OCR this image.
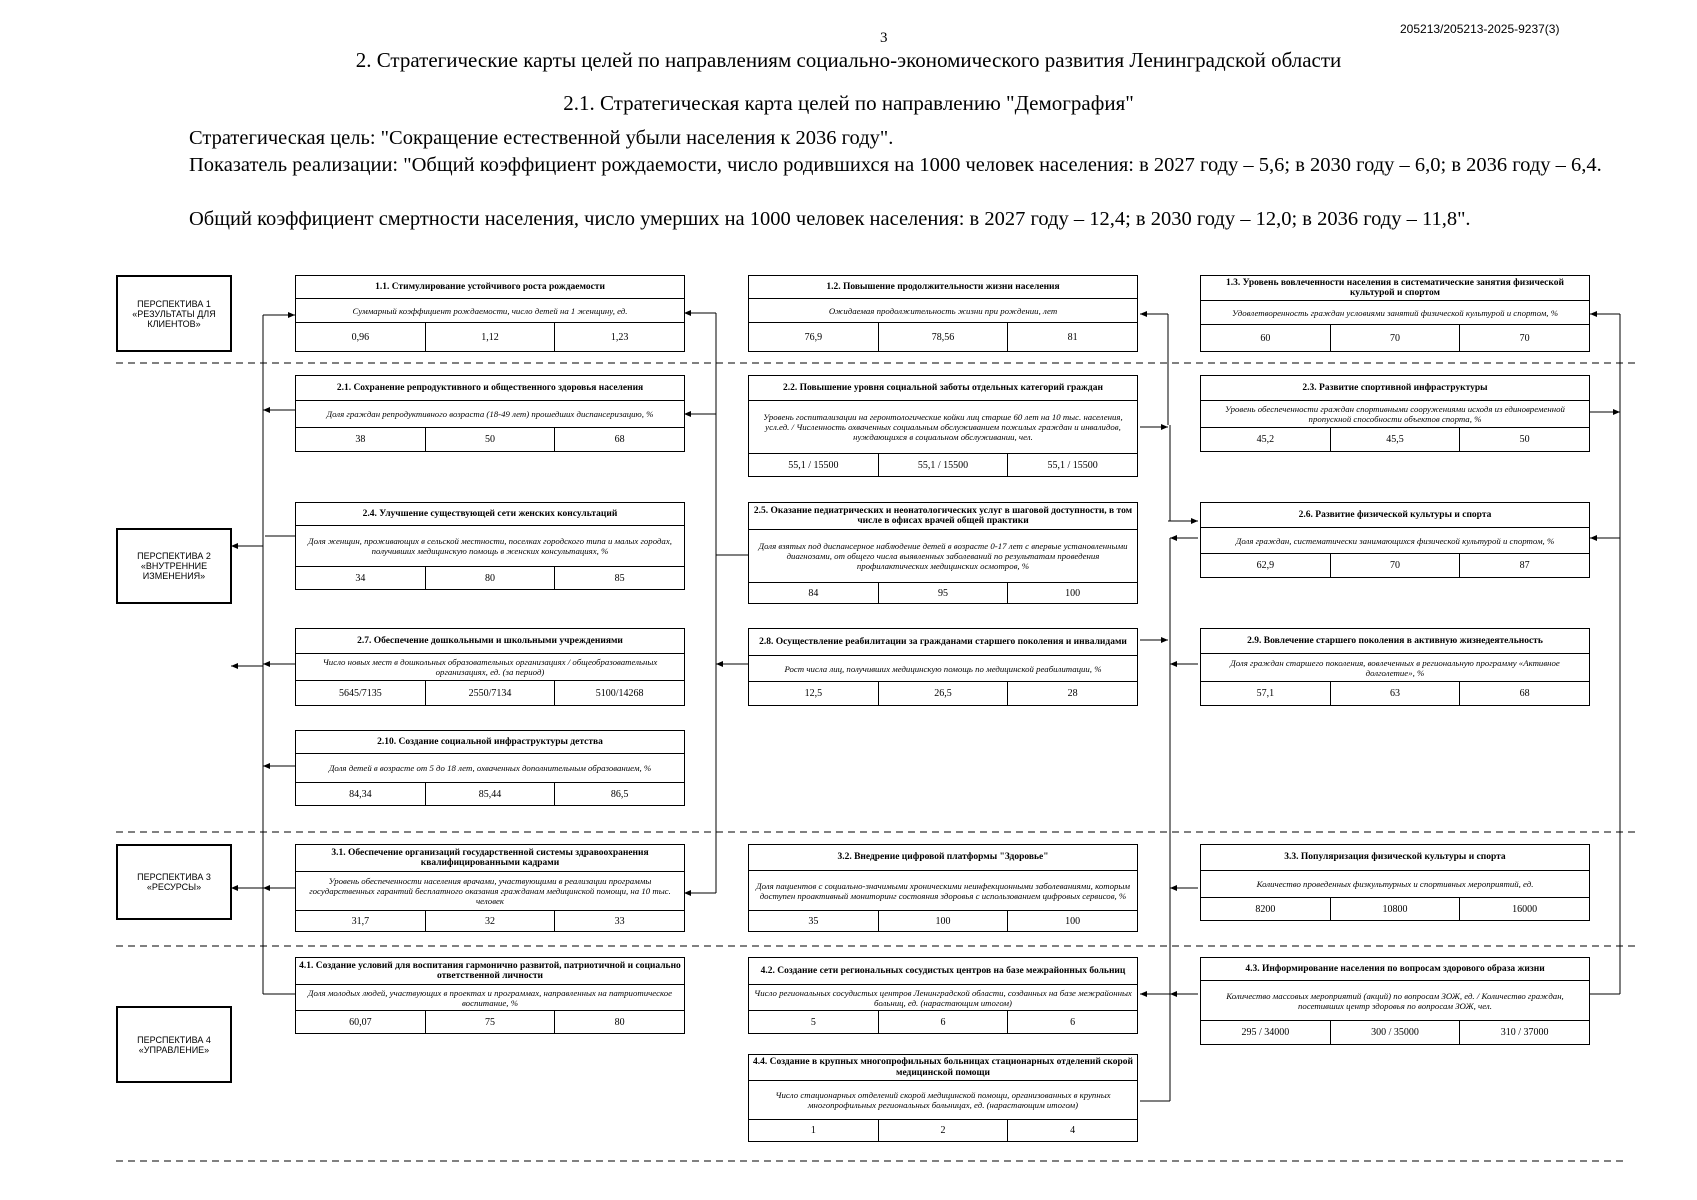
3
205213/205213-2025-9237(3)
2. Стратегические карты целей по направлениям социально-экономического развития Ленинградской области
2.1. Стратегическая карта целей по направлению "Демография"
Стратегическая цель: "Сокращение естественной убыли населения к 2036 году".
Показатель реализации: "Общий коэффициент рождаемости, число родившихся на 1000 человек населения: в 2027 году – 5,6; в 2030 году – 6,0; в 2036 году – 6,4.
Общий коэффициент смертности населения, число умерших на 1000 человек населения: в 2027 году – 12,4; в 2030 году – 12,0; в 2036 году – 11,8".
ПЕРСПЕКТИВА 1 «РЕЗУЛЬТАТЫ ДЛЯ КЛИЕНТОВ»
ПЕРСПЕКТИВА 2 «ВНУТРЕННИЕ ИЗМЕНЕНИЯ»
ПЕРСПЕКТИВА 3 «РЕСУРСЫ»
ПЕРСПЕКТИВА 4 «УПРАВЛЕНИЕ»
1.1. Стимулирование устойчивого роста рождаемости
Суммарный коэффициент рождаемости, число детей на 1 женщину, ед.
0,96	1,12	1,23
1.2. Повышение продолжительности жизни населения
Ожидаемая продолжительность жизни при рождении, лет
76,9	78,56	81
1.3. Уровень вовлеченности населения в систематические занятия физической культурой и спортом
Удовлетворенность граждан условиями занятий физической культурой и спортом, %
60	70	70
2.1. Сохранение репродуктивного и общественного здоровья населения
Доля граждан репродуктивного возраста (18-49 лет) прошедших диспансеризацию, %
38	50	68
2.2. Повышение уровня социальной заботы отдельных категорий граждан
Уровень госпитализации на геронтологические койки лиц старше 60 лет на 10 тыс. населения, усл.ед. / Численность охваченных социальным обслуживанием пожилых граждан и инвалидов, нуждающихся в социальном обслуживании, чел.
55,1 / 15500	55,1 / 15500	55,1 / 15500
2.3. Развитие спортивной инфраструктуры
Уровень обеспеченности граждан спортивными сооружениями исходя из единовременной пропускной способности объектов спорта, %
45,2	45,5	50
2.4. Улучшение существующей сети женских консультаций
Доля женщин, проживающих в сельской местности, поселках городского типа и малых городах, получивших медицинскую помощь в женских консультациях, %
34	80	85
2.5. Оказание педиатрических и неонатологических услуг в шаговой доступности, в том числе в офисах врачей общей практики
Доля взятых под диспансерное наблюдение детей в возрасте 0-17 лет с впервые установленными диагнозами, от общего числа выявленных заболеваний по результатам проведения профилактических медицинских осмотров, %
84	95	100
2.6. Развитие физической культуры и спорта
Доля граждан, систематически занимающихся физической культурой и спортом, %
62,9	70	87
2.7. Обеспечение дошкольными и школьными учреждениями
Число новых мест в дошкольных образовательных организациях / общеобразовательных организациях, ед. (за период)
5645/7135	2550/7134	5100/14268
2.8. Осуществление реабилитации за гражданами старшего поколения и инвалидами
Рост числа лиц, получивших медицинскую помощь по медицинской реабилитации, %
12,5	26,5	28
2.9. Вовлечение старшего поколения в активную жизнедеятельность
Доля граждан старшего поколения, вовлеченных в региональную программу «Активное долголетие», %
57,1	63	68
2.10. Создание социальной инфраструктуры детства
Доля детей в возрасте от 5 до 18 лет, охваченных дополнительным образованием, %
84,34	85,44	86,5
3.1. Обеспечение организаций государственной системы здравоохранения квалифицированными кадрами
Уровень обеспеченности населения врачами, участвующими в реализации программы государственных гарантий бесплатного оказания гражданам медицинской помощи, на 10 тыс. человек
31,7	32	33
3.2. Внедрение цифровой платформы "Здоровье"
Доля пациентов с социально-значимыми хроническими неинфекционными заболеваниями, которым доступен проактивный мониторинг состояния здоровья с использованием цифровых сервисов, %
35	100	100
3.3. Популяризация физической культуры и спорта
Количество проведенных физкультурных и спортивных мероприятий, ед.
8200	10800	16000
4.1. Создание условий для воспитания гармонично развитой, патриотичной и социально ответственной личности
Доля молодых людей, участвующих в проектах и программах, направленных на патриотическое воспитание, %
60,07	75	80
4.2. Создание сети региональных сосудистых центров на базе межрайонных больниц
Число региональных сосудистых центров Ленинградской области, созданных на базе межрайонных больниц, ед. (нарастающим итогом)
5	6	6
4.3. Информирование населения по вопросам здорового образа жизни
Количество массовых мероприятий (акций) по вопросам ЗОЖ, ед. / Количество граждан, посетивших центр здоровья по вопросам ЗОЖ, чел.
295 / 34000	300 / 35000	310 / 37000
4.4. Создание в крупных многопрофильных больницах стационарных отделений скорой медицинской помощи
Число стационарных отделений скорой медицинской помощи, организованных в крупных многопрофильных региональных больницах, ед. (нарастающим итогом)
1	2	4
